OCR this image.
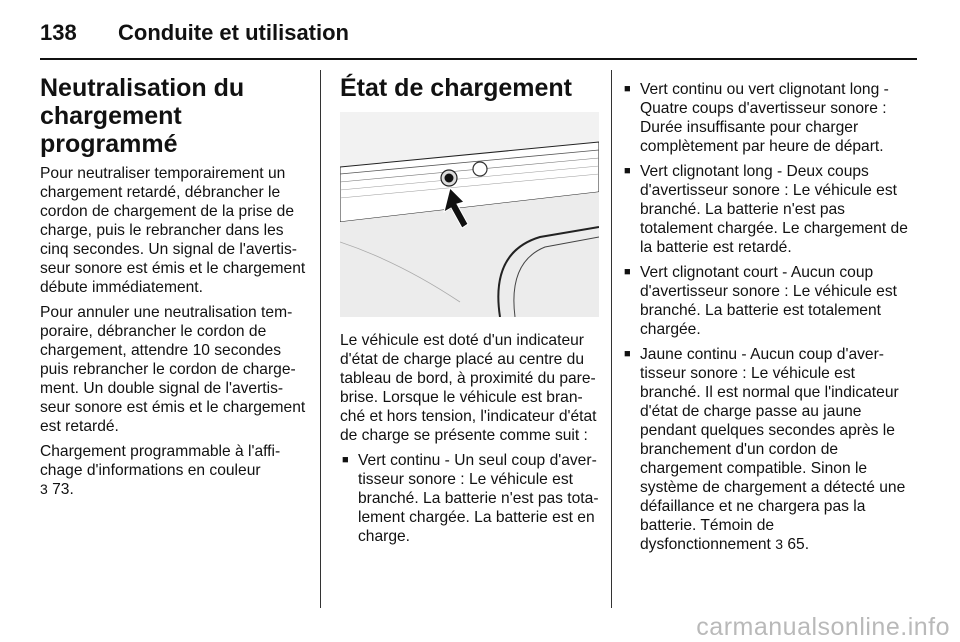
138 Conduite et utilisation
Neutralisation du chargement programmé

Pour neutraliser temporairement un chargement retardé, débrancher le cordon de chargement de la prise de charge, puis le rebrancher dans les cinq secondes. Un signal de l'avertisseur sonore est émis et le chargement débute immédiatement.

Pour annuler une neutralisation temporaire, débrancher le cordon de chargement, attendre 10 secondes puis rebrancher le cordon de chargement. Un double signal de l'avertisseur sonore est émis et le chargement est retardé.

Chargement programmable à l'affichage d'informations en couleur
3 73.

État de chargement

Le véhicule est doté d'un indicateur d'état de charge placé au centre du tableau de bord, à proximité du pare-brise. Lorsque le véhicule est branché et hors tension, l'indicateur d'état de charge se présente comme suit :

■ Vert continu - Un seul coup d'avertisseur sonore : Le véhicule est branché. La batterie n'est pas totalement chargée. La batterie est en charge.
■ Vert continu ou vert clignotant long - Quatre coups d'avertisseur sonore : Durée insuffisante pour charger complètement par heure de départ.
■ Vert clignotant long - Deux coups d'avertisseur sonore : Le véhicule est branché. La batterie n'est pas totalement chargée. Le chargement de la batterie est retardé.
■ Vert clignotant court - Aucun coup d'avertisseur sonore : Le véhicule est branché. La batterie est totalement chargée.
■ Jaune continu - Aucun coup d'avertisseur sonore : Le véhicule est branché. Il est normal que l'indicateur d'état de charge passe au jaune pendant quelques secondes après le branchement d'un cordon de chargement compatible. Sinon le système de chargement a détecté une défaillance et ne chargera pas la batterie. Témoin de dysfonctionnement 3 65.
carmanualsonline.info
